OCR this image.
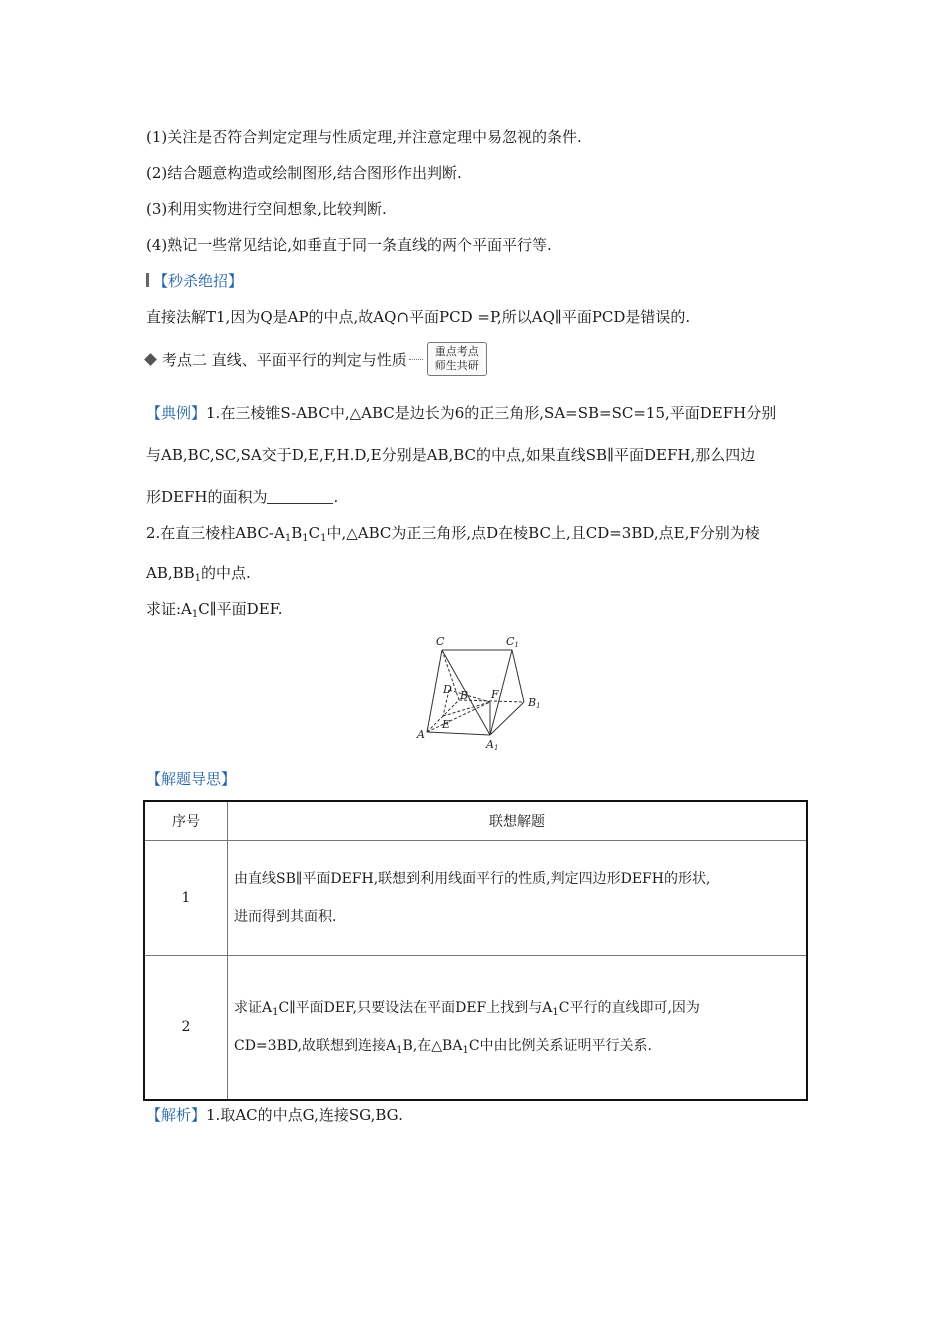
(1)关注是否符合判定定理与性质定理,并注意定理中易忽视的条件.
(2)结合题意构造或绘制图形,结合图形作出判断.
(3)利用实物进行空间想象,比较判断.
(4)熟记一些常见结论,如垂直于同一条直线的两个平面平行等.
【秒杀绝招】
直接法解T1,因为Q是AP的中点,故AQ∩平面PCD =P,所以AQ∥平面PCD是错误的.
考点二 直线、平面平行的判定与性质	重点考点
师生共研
【典例】1.在三棱锥S-ABC中,△ABC是边长为6的正三角形,SA=SB=SC=15,平面DEFH分别
与AB,BC,SC,SA交于D,E,F,H.D,E分别是AB,BC的中点,如果直线SB∥平面DEFH,那么四边
形DEFH的面积为	.
2.在直三棱柱ABC-$A_1B_1C_1$中,△ABC为正三角形,点D在棱BC上,且CD=3BD,点E,F分别为棱
$AB,BB_1$的中点.
求证$:A_1C\parallel$平面DEF.
C	C1
D B F
B1
E
A
A1
【解题导思】
序号	联想解题
1	由直线SB∥平面DEFH,联想到利用线面平行的性质,判定四边形DEFH的形状,
进而得到其面积.

2	求证$A_1C\parallel$平面DEF,只要设法在平面DEF上找到与$A_1C$平行的直线即可,因为
CD=3BD,故联想到连接$A_1B$,在$\triangle BA_1C$中由比例关系证明平行关系.
【解析】1.取AC的中点G,连接SG,BG.
